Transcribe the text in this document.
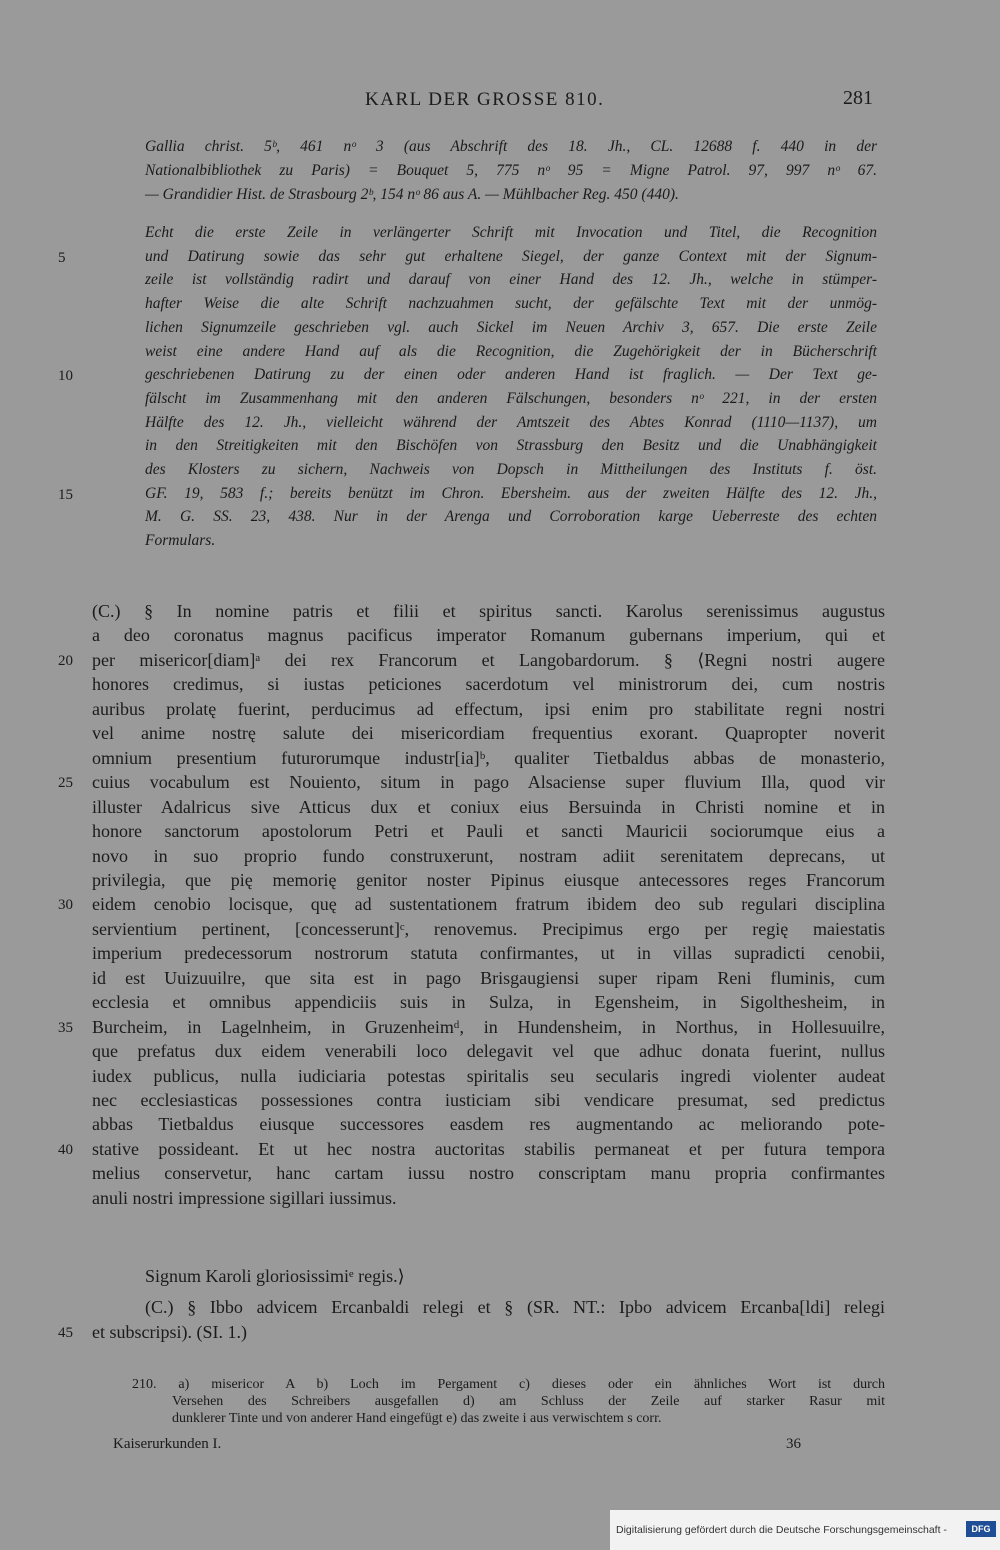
KARL DER GROSSE 810.	281
Gallia christ. 5ᵇ, 461 nᵒ 3 (aus Abschrift des 18. Jh., CL. 12688 f. 440 in der
Nationalbibliothek zu Paris) = Bouquet 5, 775 nᵒ 95 = Migne Patrol. 97, 997 nᵒ 67.
— Grandidier Hist. de Strasbourg 2ᵇ, 154 nᵒ 86 aus A. — Mühlbacher Reg. 450 (440).
Echt die erste Zeile in verlängerter Schrift mit Invocation und Titel, die Recognition
und Datirung sowie das sehr gut erhaltene Siegel, der ganze Context mit der Signum-
5
zeile ist vollständig radirt und darauf von einer Hand des 12. Jh., welche in stümper-
hafter Weise die alte Schrift nachzuahmen sucht, der gefälschte Text mit der unmög-
lichen Signumzeile geschrieben vgl. auch Sickel im Neuen Archiv 3, 657. Die erste Zeile
weist eine andere Hand auf als die Recognition, die Zugehörigkeit der in Bücherschrift
geschriebenen Datirung zu der einen oder anderen Hand ist fraglich. — Der Text ge-
10
fälscht im Zusammenhang mit den anderen Fälschungen, besonders nᵒ 221, in der ersten
Hälfte des 12. Jh., vielleicht während der Amtszeit des Abtes Konrad (1110—1137), um
in den Streitigkeiten mit den Bischöfen von Strassburg den Besitz und die Unabhängigkeit
des Klosters zu sichern, Nachweis von Dopsch in Mittheilungen des Instituts f. öst.
GF. 19, 583 f.; bereits benützt im Chron. Ebersheim. aus der zweiten Hälfte des 12. Jh.,
15
M. G. SS. 23, 438. Nur in der Arenga und Corroboration karge Ueberreste des echten
Formulars.
(C.) § In nomine patris et filii et spiritus sancti. Karolus serenissimus augustus
a deo coronatus magnus pacificus imperator Romanum gubernans imperium, qui et
per misericor[diam]ᵃ dei rex Francorum et Langobardorum. § ⟨Regni nostri augere
20
honores credimus, si iustas peticiones sacerdotum vel ministrorum dei, cum nostris
auribus prolatę fuerint, perducimus ad effectum, ipsi enim pro stabilitate regni nostri
vel anime nostrę salute dei misericordiam frequentius exorant. Quapropter noverit
omnium presentium futurorumque industr[ia]ᵇ, qualiter Tietbaldus abbas de monasterio,
cuius vocabulum est Nouiento, situm in pago Alsaciense super fluvium Illa, quod vir
25
illuster Adalricus sive Atticus dux et coniux eius Bersuinda in Christi nomine et in
honore sanctorum apostolorum Petri et Pauli et sancti Mauricii sociorumque eius a
novo in suo proprio fundo construxerunt, nostram adiit serenitatem deprecans, ut
privilegia, que pię memorię genitor noster Pipinus eiusque antecessores reges Francorum
eidem cenobio locisque, quę ad sustentationem fratrum ibidem deo sub regulari disciplina
30
servientium pertinent, [concesserunt]ᶜ, renovemus. Precipimus ergo per regię maiestatis
imperium predecessorum nostrorum statuta confirmantes, ut in villas supradicti cenobii,
id est Uuizuuilre, que sita est in pago Brisgaugiensi super ripam Reni fluminis, cum
ecclesia et omnibus appendiciis suis in Sulza, in Egensheim, in Sigolthesheim, in
Burcheim, in Lagelnheim, in Gruzenheimᵈ, in Hundensheim, in Northus, in Hollesuuilre,
35
que prefatus dux eidem venerabili loco delegavit vel que adhuc donata fuerint, nullus
iudex publicus, nulla iudiciaria potestas spiritalis seu secularis ingredi violenter audeat
nec ecclesiasticas possessiones contra iusticiam sibi vendicare presumat, sed predictus
abbas Tietbaldus eiusque successores easdem res augmentando ac meliorando pote-
stative possideant. Et ut hec nostra auctoritas stabilis permaneat et per futura tempora
40
melius conservetur, hanc cartam iussu nostro conscriptam manu propria confirmantes
anuli nostri impressione sigillari iussimus.
Signum Karoli gloriosissimiᵉ regis.⟩
(C.) § Ibbo advicem Ercanbaldi relegi et § (SR. NT.: Ipbo advicem Ercanba[ldi] relegi
et subscripsi). (SI. 1.)
45
210. a) misericor A b) Loch im Pergament c) dieses oder ein ähnliches Wort ist durch
Versehen des Schreibers ausgefallen d) am Schluss der Zeile auf starker Rasur mit
dunklerer Tinte und von anderer Hand eingefügt e) das zweite i aus verwischtem s corr.
Kaiserurkunden I.	36
Digitalisierung gefördert durch die Deutsche Forschungsgemeinschaft -	DFG
